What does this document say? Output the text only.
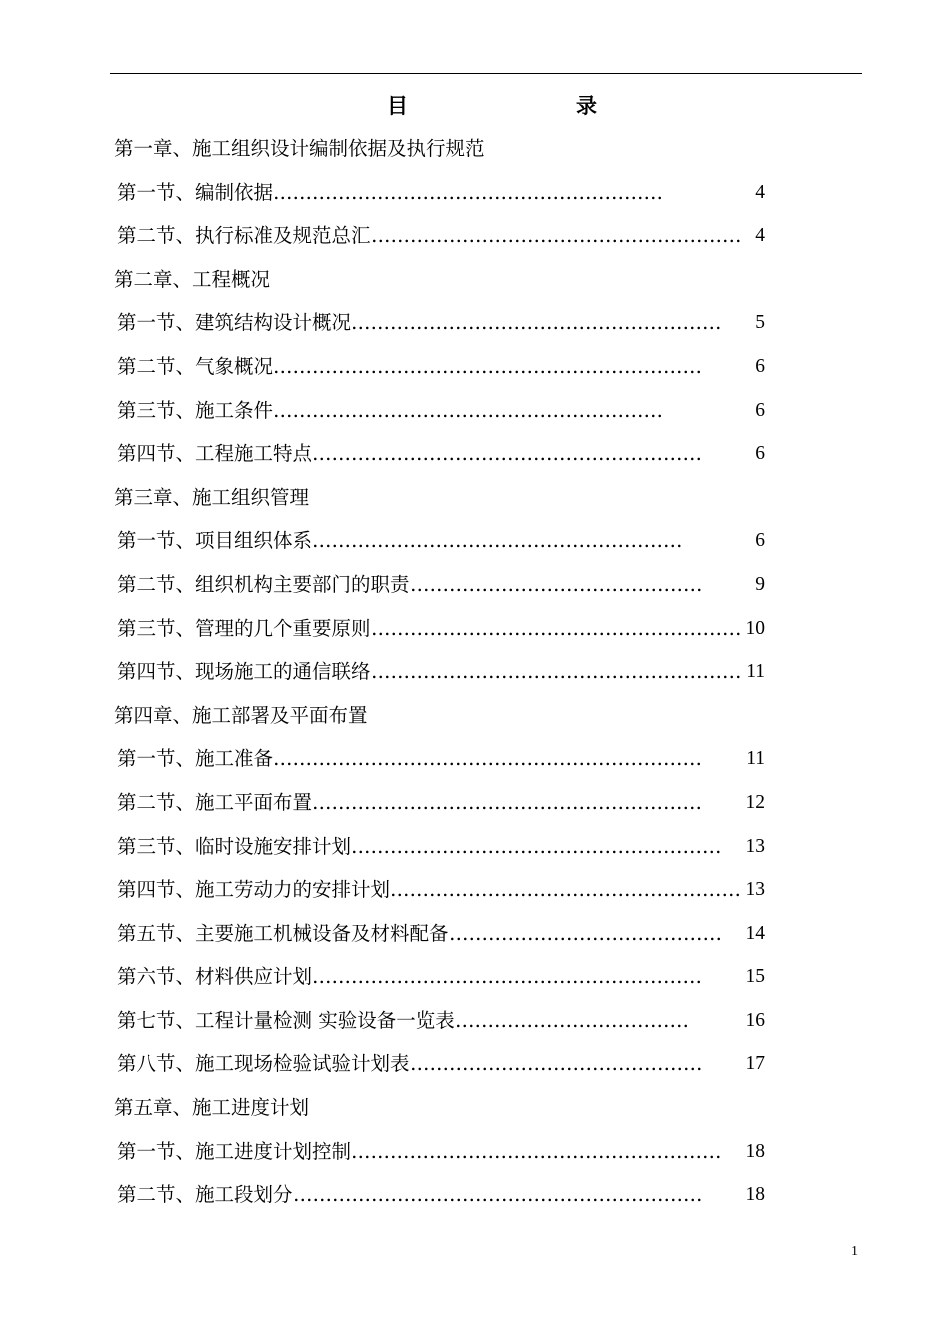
目	录
第一章、施工组织设计编制依据及执行规范
第一节、编制依据 ……………………………………………………	4
第二节、执行标准及规范总汇 ………………………………………………… 4
第二章、工程概况
第一节、建筑结构设计概况 …………………………………………………	5
第二节、气象概况 …………………………………………………………	6
第三节、施工条件 ……………………………………………………	6
第四节、工程施工特点 ……………………………………………………	6
第三章、施工组织管理
第一节、项目组织体系 …………………………………………………	6
第二节、组织机构主要部门的职责 ………………………………………	9
第三节、管理的几个重要原则 ………………………………………………… 10
第四节、现场施工的通信联络 ………………………………………………… 11
第四章、施工部署及平面布置
第一节、施工准备 …………………………………………………………	11
第二节、施工平面布置 ……………………………………………………	12
第三节、临时设施安排计划 …………………………………………………	13
第四节、施工劳动力的安排计划 ……………………………………………… 13
第五节、主要施工机械设备及材料配备 ……………………………………	14
第六节、材料供应计划 ……………………………………………………	15
第七节、工程计量检测 实验设备一览表 ………………………………	16
第八节、施工现场检验试验计划表 ………………………………………	17
第五章、施工进度计划
第一节、施工进度计划控制 …………………………………………………	18
第二节、施工段划分 ………………………………………………………	18
1
